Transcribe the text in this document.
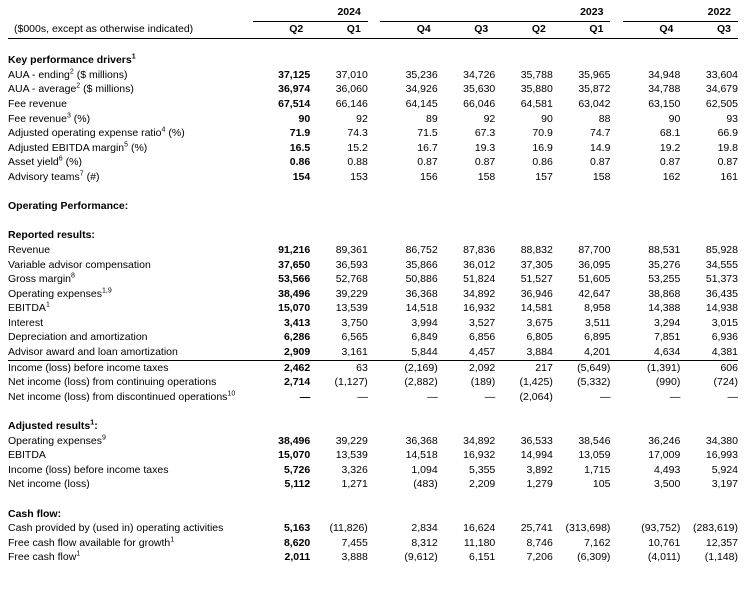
	2024			2023					2022	
($000s, except as otherwise indicated)	Q2	Q1		Q4	Q3	Q2	Q1		Q4	Q3

Key performance drivers$^1$
AUA - ending$^2$ ($ millions)	37,125	37,010		35,236	34,726	35,788	35,965		34,948	33,604
AUA - average$^2$ ($ millions)	36,974	36,060		34,926	35,630	35,880	35,872		34,788	34,679
Fee revenue	67,514	66,146		64,145	66,046	64,581	63,042		63,150	62,505
Fee revenue$^3$ (%)	90	92		89	92	90	88		90	93
Adjusted operating expense ratio$^4$ (%)	71.9	74.3		71.5	67.3	70.9	74.7		68.1	66.9
Adjusted EBITDA margin$^5$ (%)	16.5	15.2		16.7	19.3	16.9	14.9		19.2	19.8
Asset yield$^6$ (%)	0.86	0.88		0.87	0.87	0.86	0.87		0.87	0.87
Advisory teams$^7$ (#)	154	153		156	158	157	158		162	161

Operating Performance:										

Reported results:										
Revenue	91,216	89,361		86,752	87,836	88,832	87,700		88,531	85,928
Variable advisor compensation	37,650	36,593		35,866	36,012	37,305	36,095		35,276	34,555
Gross margin$^8$	53,566	52,768		50,886	51,824	51,527	51,605		53,255	51,373
Operating expenses$^{1,9}$	38,496	39,229		36,368	34,892	36,946	42,647		38,868	36,435
EBITDA$^1$	15,070	13,539		14,518	16,932	14,581	8,958		14,388	14,938
Interest	3,413	3,750		3,994	3,527	3,675	3,511		3,294	3,015
Depreciation and amortization	6,286	6,565		6,849	6,856	6,805	6,895		7,851	6,936
Advisor award and loan amortization	2,909	3,161		5,844	4,457	3,884	4,201		4,634	4,381
Income (loss) before income taxes	2,462	63		(2,169)	2,092	217	(5,649)		(1,391)	606
Net income (loss) from continuing operations	2,714	(1,127)		(2,882)	(189)	(1,425)	(5,332)		(990)	(724)
Net income (loss) from discontinued operations$^{10}$	—	—		—	—	(2,064)	—		—	—

Adjusted results$^1$:										
Operating expenses$^9$	38,496	39,229		36,368	34,892	36,533	38,546		36,246	34,380
EBITDA	15,070	13,539		14,518	16,932	14,994	13,059		17,009	16,993
Income (loss) before income taxes	5,726	3,326		1,094	5,355	3,892	1,715		4,493	5,924
Net income (loss)	5,112	1,271		(483)	2,209	1,279	105		3,500	3,197

Cash flow:										
Cash provided by (used in) operating activities	5,163	(11,826)		2,834	16,624	25,741	(313,698)		(93,752)	(283,619)
Free cash flow available for growth$^1$	8,620	7,455		8,312	11,180	8,746	7,162		10,761	12,357
Free cash flow$^1$	2,011	3,888		(9,612)	6,151	7,206	(6,309)		(4,011)	(1,148)
